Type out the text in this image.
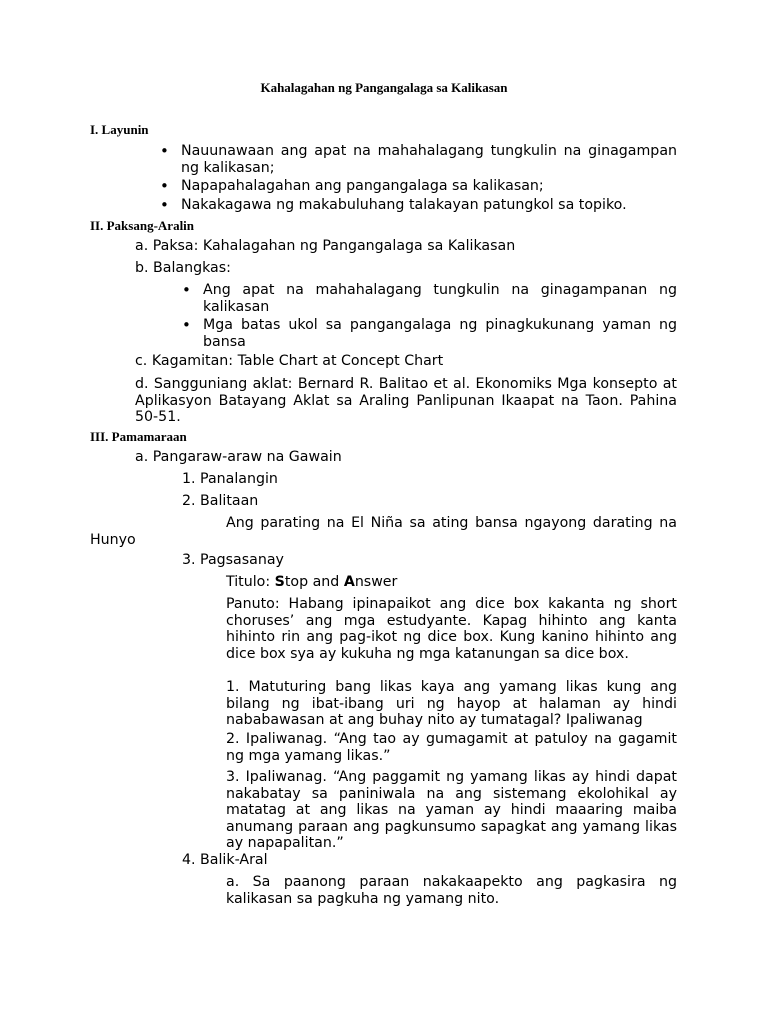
Kahalagahan ng Pangangalaga sa Kalikasan
I. Layunin
• Nauunawaan ang apat na mahahalagang tungkulin na ginagampan ng kalikasan;
• Napapahalagahan ang pangangalaga sa kalikasan;
• Nakakagawa ng makabuluhang talakayan patungkol sa topiko.
II. Paksang-Aralin
a. Paksa: Kahalagahan ng Pangangalaga sa Kalikasan
b. Balangkas:
• Ang apat na mahahalagang tungkulin na ginagampanan ng kalikasan
• Mga batas ukol sa pangangalaga ng pinagkukunang yaman ng bansa
c. Kagamitan: Table Chart at Concept Chart
d. Sangguniang aklat: Bernard R. Balitao et al. Ekonomiks Mga konsepto at Aplikasyon Batayang Aklat sa Araling Panlipunan Ikaapat na Taon. Pahina 50-51.
III. Pamamaraan
a. Pangaraw-araw na Gawain
1. Panalangin
2. Balitaan
Ang parating na El Niña sa ating bansa ngayong darating na Hunyo
3. Pagsasanay
Titulo: Stop and Answer
Panuto: Habang ipinapaikot ang dice box kakanta ng short choruses’ ang mga estudyante. Kapag hihinto ang kanta hihinto rin ang pag-ikot ng dice box. Kung kanino hihinto ang dice box sya ay kukuha ng mga katanungan sa dice box.
1. Matuturing bang likas kaya ang yamang likas kung ang bilang ng ibat-ibang uri ng hayop at halaman ay hindi nababawasan at ang buhay nito ay tumatagal? Ipaliwanag
2. Ipaliwanag. “Ang tao ay gumagamit at patuloy na gagamit ng mga yamang likas.”
3. Ipaliwanag. “Ang paggamit ng yamang likas ay hindi dapat nakabatay sa paniniwala na ang sistemang ekolohikal ay matatag at ang likas na yaman ay hindi maaaring maiba anumang paraan ang pagkunsumo sapagkat ang yamang likas ay napapalitan.”
4. Balik-Aral
a. Sa paanong paraan nakakaapekto ang pagkasira ng kalikasan sa pagkuha ng yamang nito.
